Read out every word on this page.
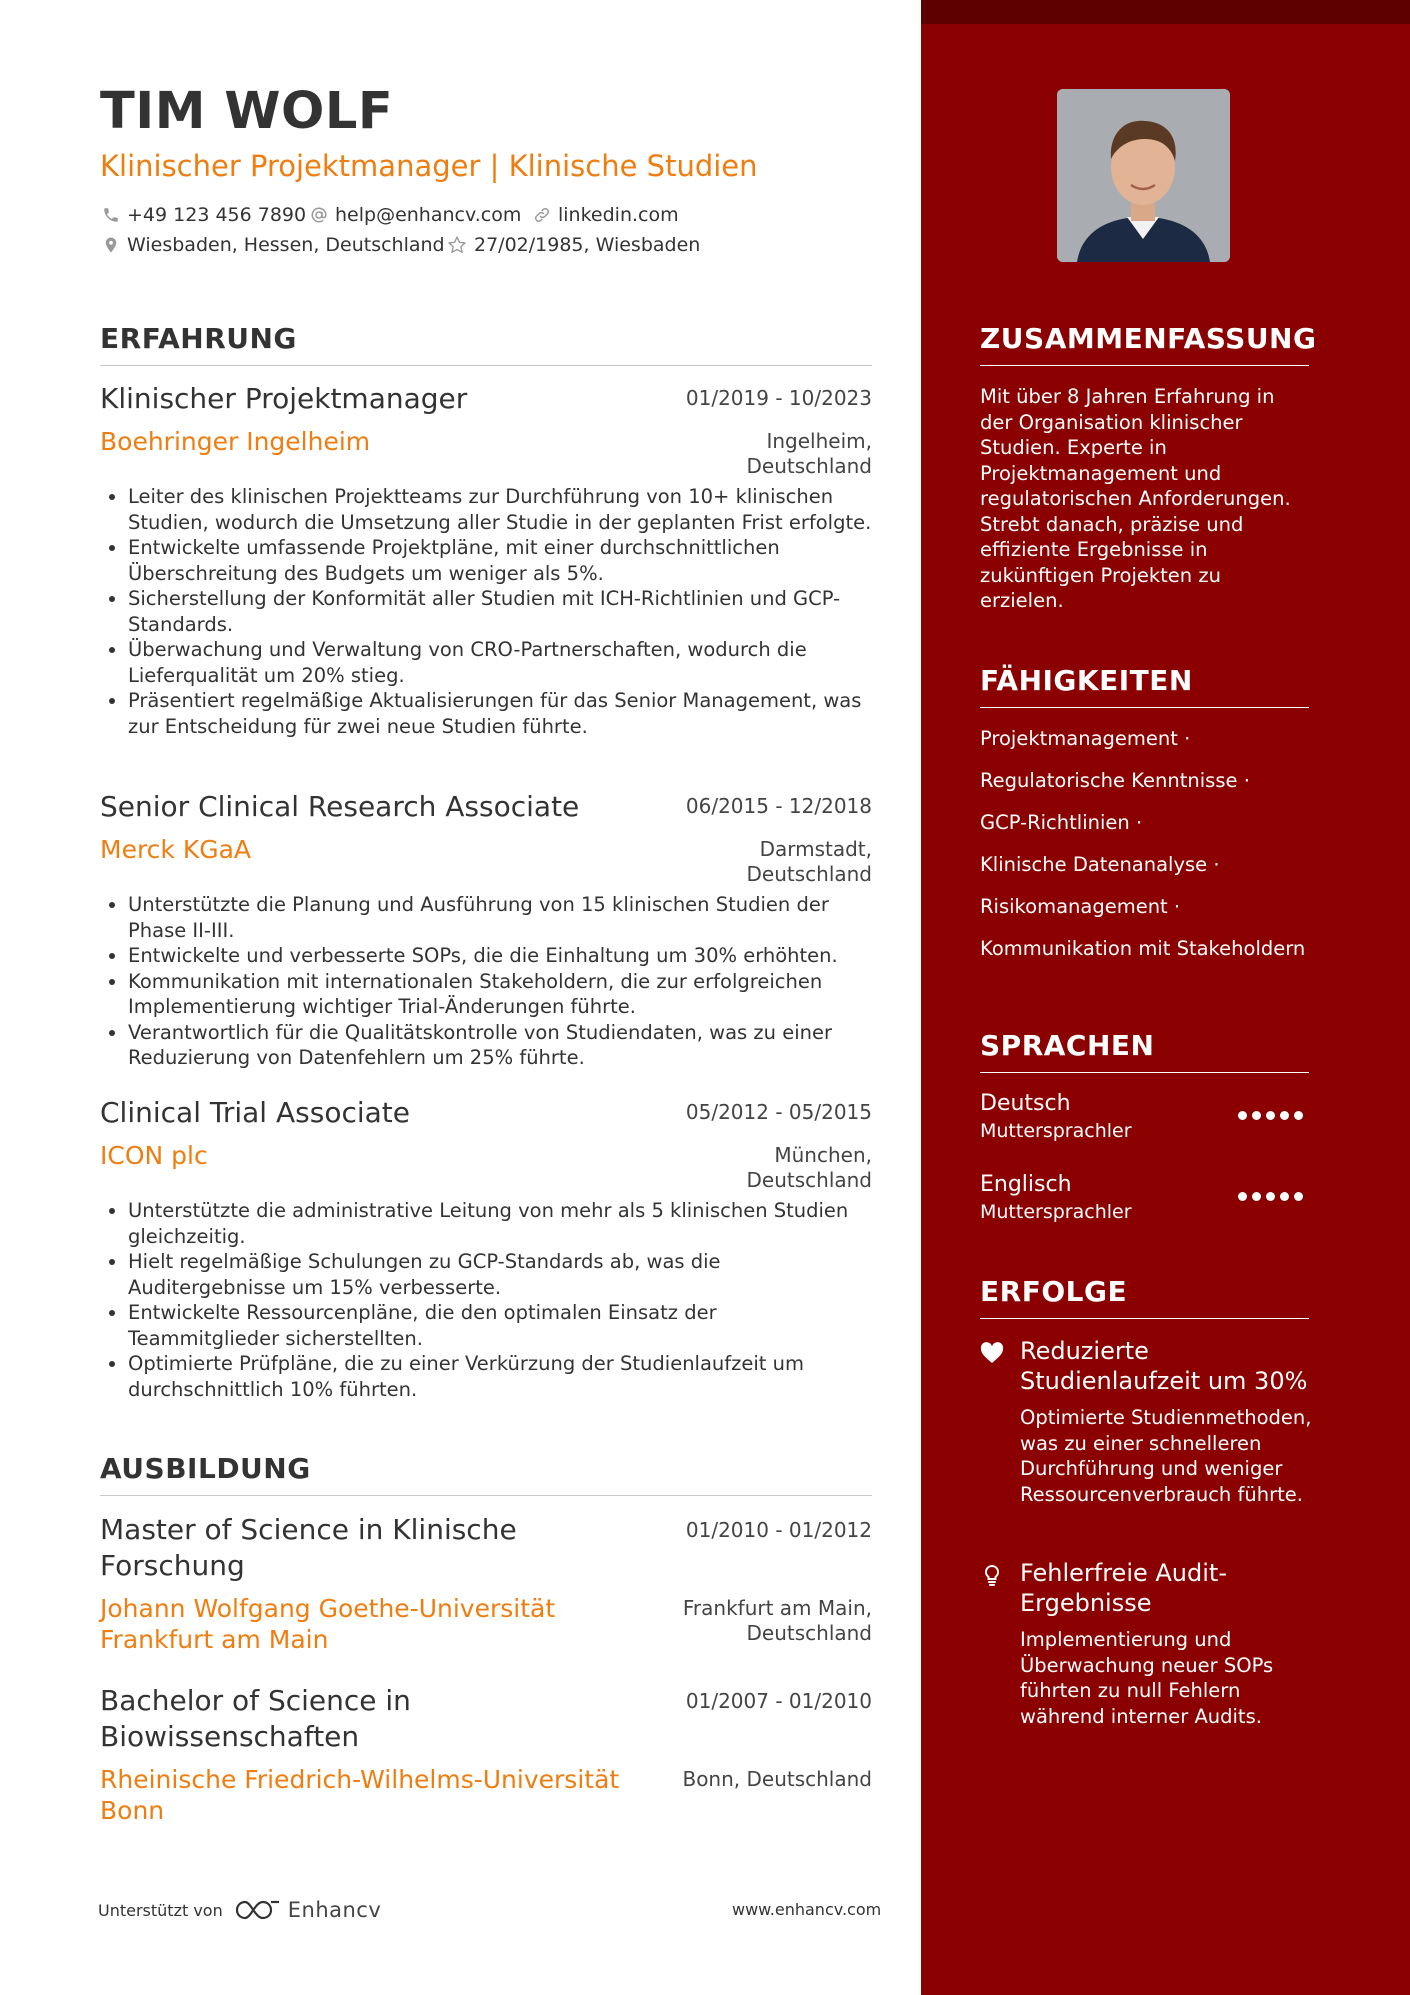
TIM WOLF
Klinischer Projektmanager | Klinische Studien
+49 123 456 7890 help@enhancv.com linkedin.com
Wiesbaden, Hessen, Deutschland 27/02/1985, Wiesbaden
ERFAHRUNG
Klinischer Projektmanager	01/2019 - 10/2023
Boehringer Ingelheim	Ingelheim,
Deutschland
• Leiter des klinischen Projektteams zur Durchführung von 10+ klinischen Studien, wodurch die Umsetzung aller Studie in der geplanten Frist erfolgte.
• Entwickelte umfassende Projektpläne, mit einer durchschnittlichen Überschreitung des Budgets um weniger als 5%.
• Sicherstellung der Konformität aller Studien mit ICH-Richtlinien und GCP-Standards.
• Überwachung und Verwaltung von CRO-Partnerschaften, wodurch die Lieferqualität um 20% stieg.
• Präsentiert regelmäßige Aktualisierungen für das Senior Management, was zur Entscheidung für zwei neue Studien führte.
Senior Clinical Research Associate	06/2015 - 12/2018
Merck KGaA	Darmstadt,
Deutschland
• Unterstützte die Planung und Ausführung von 15 klinischen Studien der Phase II-III.
• Entwickelte und verbesserte SOPs, die die Einhaltung um 30% erhöhten.
• Kommunikation mit internationalen Stakeholdern, die zur erfolgreichen Implementierung wichtiger Trial-Änderungen führte.
• Verantwortlich für die Qualitätskontrolle von Studiendaten, was zu einer Reduzierung von Datenfehlern um 25% führte.
Clinical Trial Associate	05/2012 - 05/2015
ICON plc	München,
Deutschland
• Unterstützte die administrative Leitung von mehr als 5 klinischen Studien gleichzeitig.
• Hielt regelmäßige Schulungen zu GCP-Standards ab, was die Auditergebnisse um 15% verbesserte.
• Entwickelte Ressourcenpläne, die den optimalen Einsatz der Teammitglieder sicherstellten.
• Optimierte Prüfpläne, die zu einer Verkürzung der Studienlaufzeit um durchschnittlich 10% führten.
AUSBILDUNG
Master of Science in Klinische Forschung
01/2010 - 01/2012
Johann Wolfgang Goethe-Universität Frankfurt am Main
Frankfurt am Main,
Deutschland
Bachelor of Science in Biowissenschaften
01/2007 - 01/2010
Rheinische Friedrich-Wilhelms-Universität Bonn
Bonn, Deutschland
Unterstützt von	Enhancv	www.enhancv.com
ZUSAMMENFASSUNG
Mit über 8 Jahren Erfahrung in der Organisation klinischer Studien. Experte in Projektmanagement und regulatorischen Anforderungen. Strebt danach, präzise und effiziente Ergebnisse in zukünftigen Projekten zu erzielen.
FÄHIGKEITEN
Projektmanagement ·
Regulatorische Kenntnisse ·
GCP-Richtlinien ·
Klinische Datenanalyse ·
Risikomanagement ·
Kommunikation mit Stakeholdern
SPRACHEN
Deutsch
Muttersprachler
Englisch
Muttersprachler
ERFOLGE
Reduzierte Studienlaufzeit um 30%
Optimierte Studienmethoden, was zu einer schnelleren Durchführung und weniger Ressourcenverbrauch führte.
Fehlerfreie Audit-Ergebnisse
Implementierung und Überwachung neuer SOPs führten zu null Fehlern während interner Audits.
